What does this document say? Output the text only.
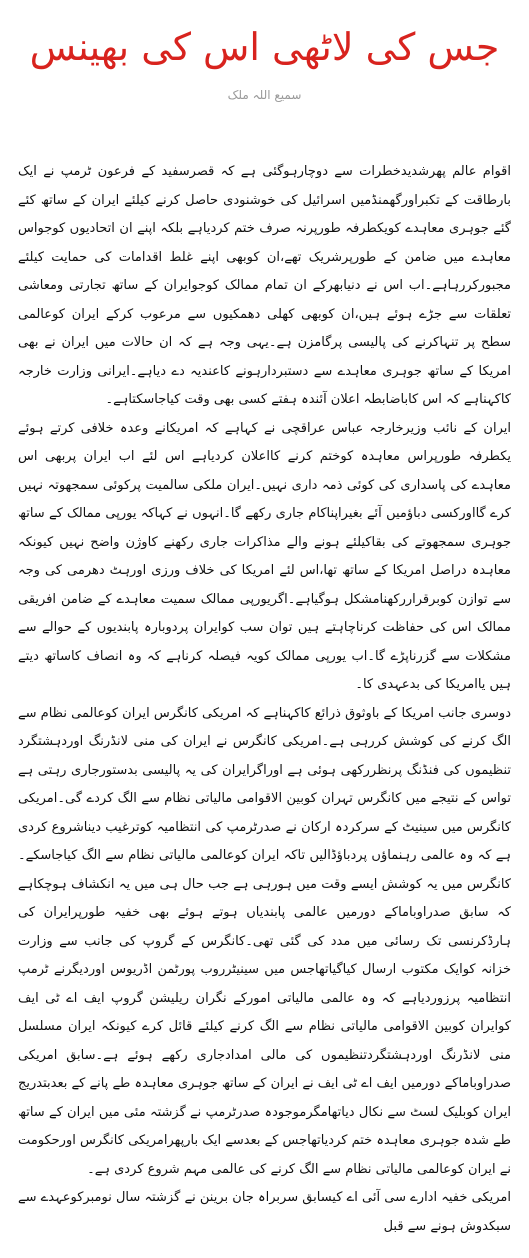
جس کی لاٹھی اس کی بھینس
سمیع اللہ ملک

اقوام عالم پھرشدیدخطرات سے دوچارہوگئی ہے کہ قصرسفید کے فرعون ٹرمپ نے ایک بارطاقت کے تکبراورگھمنڈمیں اسرائیل کی خوشنودی حاصل کرنے کیلئے ایران کے ساتھ کئے گئے جوہری معاہدے کویکطرفہ طورپرنہ صرف ختم کردیاہے بلکہ اپنے ان اتحادیوں کوجواس معاہدے میں ضامن کے طورپرشریک تھے،ان کوبھی اپنے غلط اقدامات کی حمایت کیلئے مجبورکررہاہے۔اب اس نے دنیابھرکے ان تمام ممالک کوجوایران کے ساتھ تجارتی ومعاشی تعلقات سے جڑے ہوئے ہیں،ان کوبھی کھلی دھمکیوں سے مرعوب کرکے ایران کوعالمی سطح پر تنہاکرنے کی پالیسی پرگامزن ہے۔یہی وجہ ہے کہ ان حالات میں ایران نے بھی امریکا کے ساتھ جوہری معاہدے سے دستبردارہونے کاعندیہ دے دیاہے۔ایرانی وزارت خارجہ کاکہناہے کہ اس کاباضابطہ اعلان آئندہ ہفتے کسی بھی وقت کیاجاسکتاہے۔

ایران کے نائب وزیرخارجہ عباس عراقچی نے کہاہے کہ امریکانے وعدہ خلافی کرتے ہوئے یکطرفہ طورپراس معاہدہ کوختم کرنے کااعلان کردیاہے اس لئے اب ایران پربھی اس معاہدے کی پاسداری کی کوئی ذمہ داری نہیں۔ایران ملکی سالمیت پرکوئی سمجھوتہ نہیں کرے گااورکسی دباؤمیں آئے بغیراپناکام جاری رکھے گا۔انہوں نے کہاکہ یورپی ممالک کے ساتھ جوہری سمجھوتے کی بقاکیلئے ہونے والے مذاکرات جاری رکھنے کاوژن واضح نہیں کیونکہ معاہدہ دراصل امریکا کے ساتھ تھا،اس لئے امریکا کی خلاف ورزی اورہٹ دھرمی کی وجہ سے توازن کوبرقراررکھنامشکل ہوگیاہے۔اگریورپی ممالک سمیت معاہدے کے ضامن افریقی ممالک اس کی حفاظت کرناچاہتے ہیں توان سب کوایران پردوبارہ پابندیوں کے حوالے سے مشکلات سے گزرناپڑے گا۔اب یورپی ممالک کویہ فیصلہ کرناہے کہ وہ انصاف کاساتھ دیتے ہیں یاامریکا کی بدعہدی کا۔

دوسری جانب امریکا کے باوثوق ذرائع کاکہناہے کہ امریکی کانگرس ایران کوعالمی نظام سے الگ کرنے کی کوشش کررہی ہے۔امریکی کانگرس نے ایران کی منی لانڈرنگ اوردہشتگرد تنظیموں کی فنڈنگ پرنظررکھی ہوئی ہے اوراگرایران کی یہ پالیسی بدستورجاری رہتی ہے تواس کے نتیجے میں کانگرس تہران کوبین الاقوامی مالیاتی نظام سے الگ کردے گی۔امریکی کانگرس میں سینیٹ کے سرکردہ ارکان نے صدرٹرمپ کی انتظامیہ کوترغیب دیناشروع کردی ہے کہ وہ عالمی رہنماؤں پردباؤڈالیں تاکہ ایران کوعالمی مالیاتی نظام سے الگ کیاجاسکے۔کانگرس میں یہ کوشش ایسے وقت میں ہورہی ہے جب حال ہی میں یہ انکشاف ہوچکاہے کہ سابق صدراوباماکے دورمیں عالمی پابندیاں ہوتے ہوئے بھی خفیہ طورپرایران کی ہارڈکرنسی تک رسائی میں مدد کی گئی تھی۔کانگرس کے گروپ کی جانب سے وزارت خزانہ کوایک مکتوب ارسال کیاگیاتھاجس میں سینیٹرروب پورٹمن اڈریوس اوردیگرنے ٹرمپ انتظامیہ پرزوردیاہے کہ وہ عالمی مالیاتی امورکے نگران ریلیشن گروپ ایف اے ٹی ایف کوایران کوبین الاقوامی مالیاتی نظام سے الگ کرنے کیلئے قائل کرے کیونکہ ایران مسلسل منی لانڈرنگ اوردہشتگردتنظیموں کی مالی امدادجاری رکھے ہوئے ہے۔سابق امریکی صدراوباماکے دورمیں ایف اے ٹی ایف نے ایران کے ساتھ جوہری معاہدہ طے پانے کے بعدبتدریج ایران کوبلیک لسٹ سے نکال دیاتھامگرموجودہ صدرٹرمپ نے گزشتہ مئی میں ایران کے ساتھ طے شدہ جوہری معاہدہ ختم کردیاتھاجس کے بعدسے ایک بارپھرامریکی کانگرس اورحکومت نے ایران کوعالمی مالیاتی نظام سے الگ کرنے کی عالمی مہم شروع کردی ہے۔

امریکی خفیہ ادارے سی آئی اے کیسابق سربراہ جان برینن نے گزشتہ سال نومبرکوعہدے سے سبکدوش ہونے سے قبل
